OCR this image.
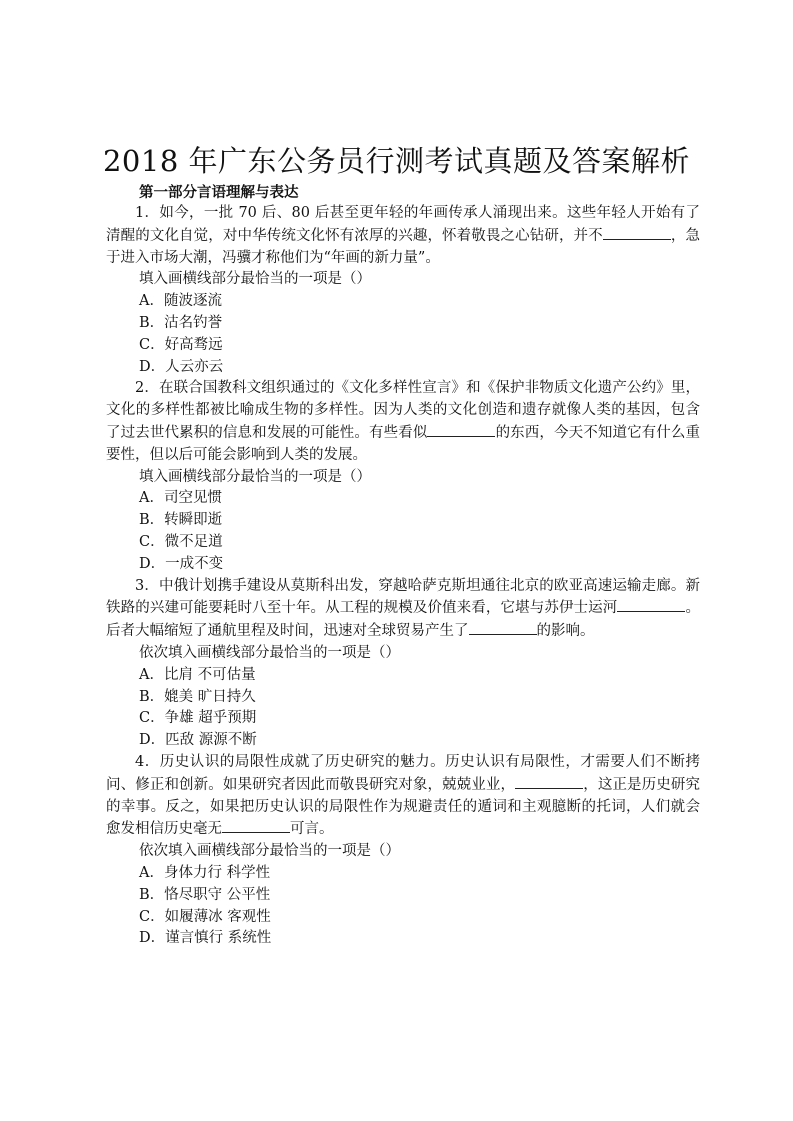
2018 年广东公务员行测考试真题及答案解析
第一部分言语理解与表达

1．如今，一批 70 后、80 后甚至更年轻的年画传承人涌现出来。这些年轻人开始有了清醒的文化自觉，对中华传统文化怀有浓厚的兴趣，怀着敬畏之心钻研，并不	，急于进入市场大潮，冯骥才称他们为“年画的新力量”。

填入画横线部分最恰当的一项是（）

A．随波逐流

B．沽名钓誉

C．好高骛远

D．人云亦云

2．在联合国教科文组织通过的《文化多样性宣言》和《保护非物质文化遗产公约》里，文化的多样性都被比喻成生物的多样性。因为人类的文化创造和遗存就像人类的基因，包含了过去世代累积的信息和发展的可能性。有些看似	的东西，今天不知道它有什么重要性，但以后可能会影响到人类的发展。

填入画横线部分最恰当的一项是（）

A．司空见惯

B．转瞬即逝

C．微不足道

D．一成不变

3．中俄计划携手建设从莫斯科出发，穿越哈萨克斯坦通往北京的欧亚高速运输走廊。新铁路的兴建可能要耗时八至十年。从工程的规模及价值来看，它堪与苏伊士运河	。后者大幅缩短了通航里程及时间，迅速对全球贸易产生了	的影响。

依次填入画横线部分最恰当的一项是（）

A．比肩 不可估量

B．媲美 旷日持久

C．争雄 超乎预期

D．匹敌 源源不断

4．历史认识的局限性成就了历史研究的魅力。历史认识有局限性，才需要人们不断拷问、修正和创新。如果研究者因此而敬畏研究对象，兢兢业业，	，这正是历史研究的幸事。反之，如果把历史认识的局限性作为规避责任的遁词和主观臆断的托词，人们就会愈发相信历史毫无	可言。

依次填入画横线部分最恰当的一项是（）

A．身体力行 科学性

B．恪尽职守 公平性

C．如履薄冰 客观性

D．谨言慎行 系统性
